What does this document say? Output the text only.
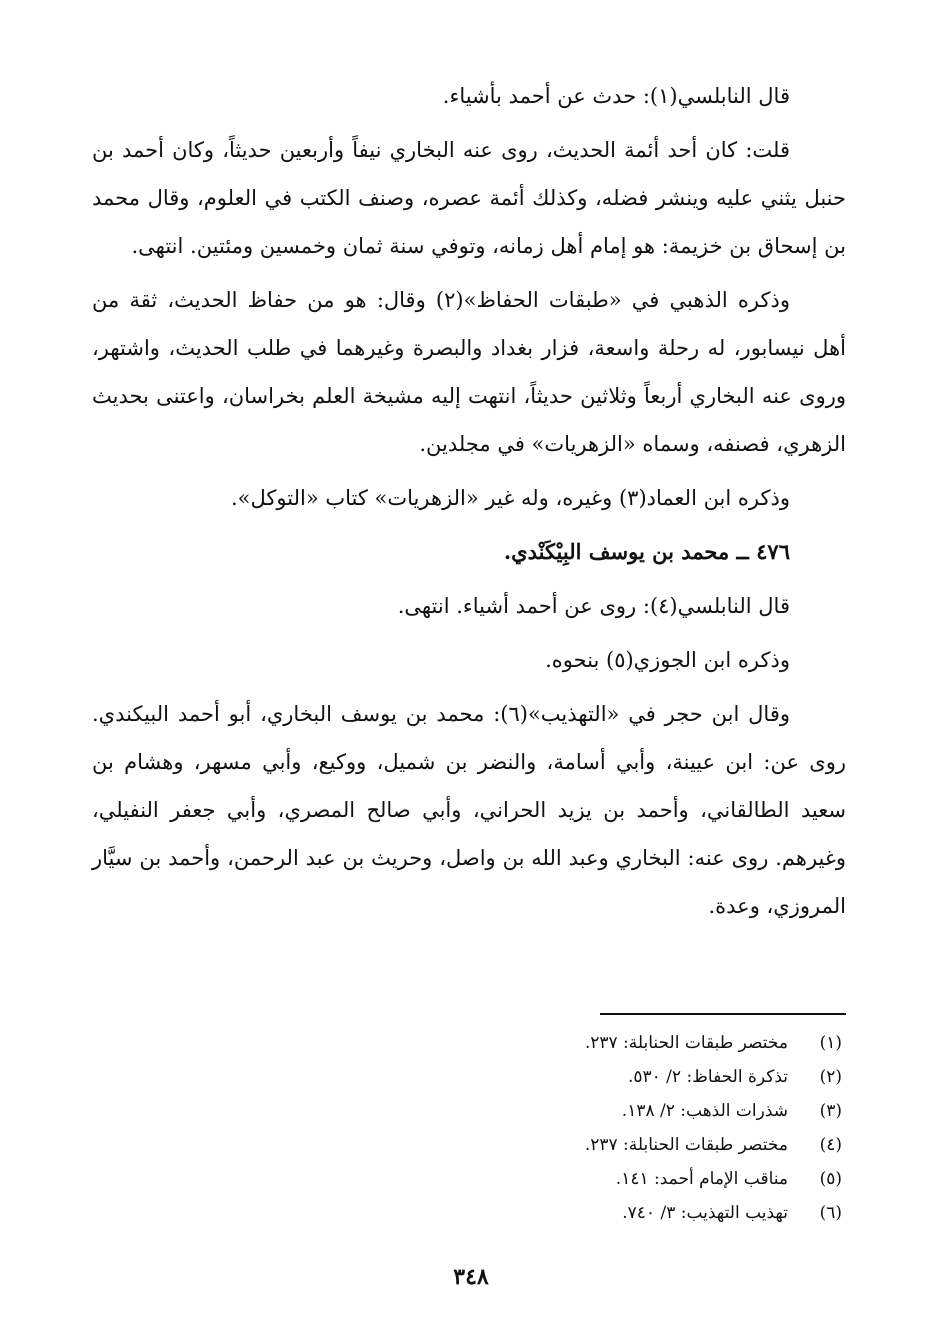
قال النابلسي(١): حدث عن أحمد بأشياء.

قلت: كان أحد أئمة الحديث، روى عنه البخاري نيفاً وأربعين حديثاً، وكان أحمد بن حنبل يثني عليه وينشر فضله، وكذلك أئمة عصره، وصنف الكتب في العلوم، وقال محمد بن إسحاق بن خزيمة: هو إمام أهل زمانه، وتوفي سنة ثمان وخمسين ومئتين. انتهى.

وذكره الذهبي في «طبقات الحفاظ»(٢) وقال: هو من حفاظ الحديث، ثقة من أهل نيسابور، له رحلة واسعة، فزار بغداد والبصرة وغيرهما في طلب الحديث، واشتهر، وروى عنه البخاري أربعاً وثلاثين حديثاً، انتهت إليه مشيخة العلم بخراسان، واعتنى بحديث الزهري، فصنفه، وسماه «الزهريات» في مجلدين.

وذكره ابن العماد(٣) وغيره، وله غير «الزهريات» كتاب «التوكل».

٤٧٦ ــ محمد بن يوسف البِيْكَنْدي.

قال النابلسي(٤): روى عن أحمد أشياء. انتهى.

وذكره ابن الجوزي(٥) بنحوه.

وقال ابن حجر في «التهذيب»(٦): محمد بن يوسف البخاري، أبو أحمد البيكندي. روى عن: ابن عيينة، وأبي أسامة، والنضر بن شميل، ووكيع، وأبي مسهر، وهشام بن سعيد الطالقاني، وأحمد بن يزيد الحراني، وأبي صالح المصري، وأبي جعفر النفيلي، وغيرهم. روى عنه: البخاري وعبد الله بن واصل، وحريث بن عبد الرحمن، وأحمد بن سيَّار المروزي، وعدة.

(١)
مختصر طبقات الحنابلة: ٢٣٧.
(٢)
تذكرة الحفاظ: ٢/ ٥٣٠.
(٣)
شذرات الذهب: ٢/ ١٣٨.
(٤)
مختصر طبقات الحنابلة: ٢٣٧.
(٥)
مناقب الإمام أحمد: ١٤١.
(٦)
تهذيب التهذيب: ٣/ ٧٤٠.
٣٤٨
